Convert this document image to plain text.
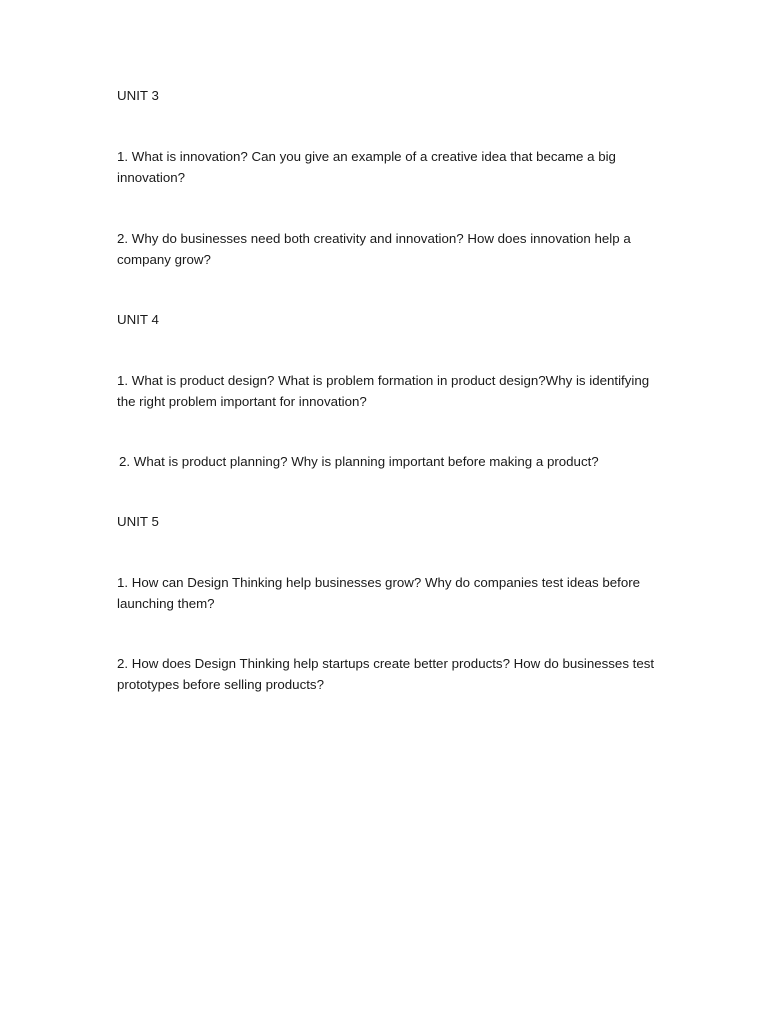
UNIT 3

1. What is innovation? Can you give an example of a creative idea that became a big innovation?

2. Why do businesses need both creativity and innovation? How does innovation help a company grow?

UNIT 4

1. What is product design? What is problem formation in product design?Why is identifying the right problem important for innovation?

2. What is product planning? Why is planning important before making a product?

UNIT 5

1. How can Design Thinking help businesses grow? Why do companies test ideas before launching them?

2. How does Design Thinking help startups create better products? How do businesses test prototypes before selling products?
